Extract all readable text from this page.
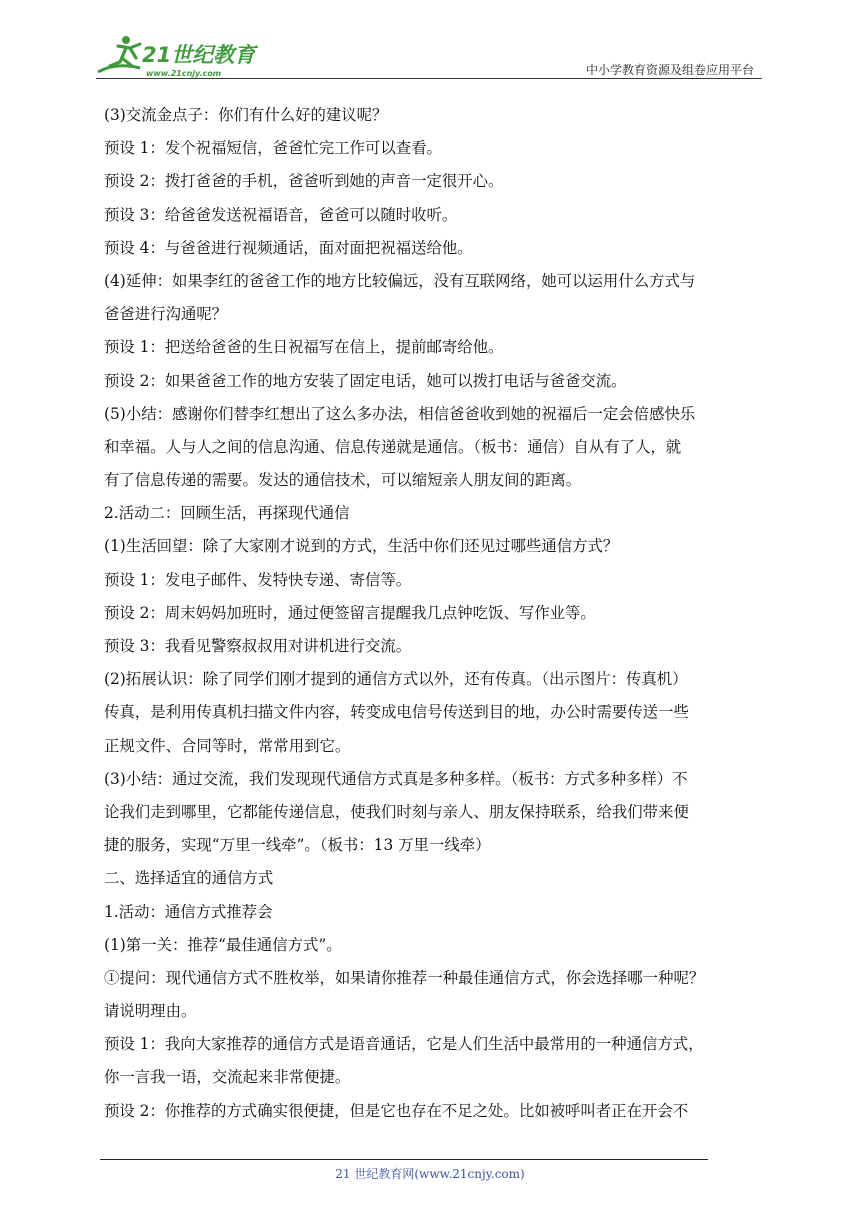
21世纪教育
www.21cnjy.com	中小学教育资源及组卷应用平台
(3)交流金点子：你们有什么好的建议呢？
预设 1：发个祝福短信，爸爸忙完工作可以查看。
预设 2：拨打爸爸的手机，爸爸听到她的声音一定很开心。
预设 3：给爸爸发送祝福语音，爸爸可以随时收听。
预设 4：与爸爸进行视频通话，面对面把祝福送给他。
(4)延伸：如果李红的爸爸工作的地方比较偏远，没有互联网络，她可以运用什么方式与
爸爸进行沟通呢？
预设 1：把送给爸爸的生日祝福写在信上，提前邮寄给他。
预设 2：如果爸爸工作的地方安装了固定电话，她可以拨打电话与爸爸交流。
(5)小结：感谢你们替李红想出了这么多办法，相信爸爸收到她的祝福后一定会倍感快乐
和幸福。人与人之间的信息沟通、信息传递就是通信。（板书：通信）自从有了人，就
有了信息传递的需要。发达的通信技术，可以缩短亲人朋友间的距离。
2.活动二：回顾生活，再探现代通信
(1)生活回望：除了大家刚才说到的方式，生活中你们还见过哪些通信方式？
预设 1：发电子邮件、发特快专递、寄信等。
预设 2：周末妈妈加班时，通过便签留言提醒我几点钟吃饭、写作业等。
预设 3：我看见警察叔叔用对讲机进行交流。
(2)拓展认识：除了同学们刚才提到的通信方式以外，还有传真。（出示图片：传真机）
传真，是利用传真机扫描文件内容，转变成电信号传送到目的地，办公时需要传送一些
正规文件、合同等时，常常用到它。
(3)小结：通过交流，我们发现现代通信方式真是多种多样。（板书：方式多种多样）不
论我们走到哪里，它都能传递信息，使我们时刻与亲人、朋友保持联系，给我们带来便
捷的服务，实现“万里一线牵”。（板书：13 万里一线牵）
二、选择适宜的通信方式
1.活动：通信方式推荐会
(1)第一关：推荐“最佳通信方式”。
①提问：现代通信方式不胜枚举，如果请你推荐一种最佳通信方式，你会选择哪一种呢？
请说明理由。
预设 1：我向大家推荐的通信方式是语音通话，它是人们生活中最常用的一种通信方式，
你一言我一语，交流起来非常便捷。
预设 2：你推荐的方式确实很便捷，但是它也存在不足之处。比如被呼叫者正在开会不
21 世纪教育网(www.21cnjy.com)
